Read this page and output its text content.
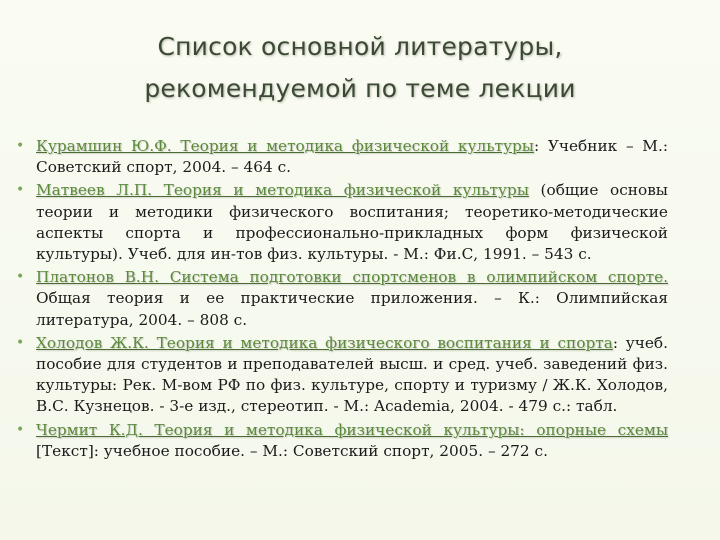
Список основной литературы,
рекомендуемой по теме лекции
• Курамшин Ю.Ф. Теория и методика физической культуры: Учебник – М.: Советский спорт, 2004. – 464 с.
• Матвеев Л.П. Теория и методика физической культуры (общие основы теории и методики физического воспитания; теоретико-методические аспекты спорта и профессионально-прикладных форм физической культуры). Учеб. для ин-тов физ. культуры. - М.: Фи.С, 1991. – 543 с.
• Платонов В.Н. Система подготовки спортсменов в олимпийском спорте. Общая теория и ее практические приложения. – К.: Олимпийская литература, 2004. – 808 с.
• Холодов Ж.К. Теория и методика физического воспитания и спорта: учеб. пособие для студентов и преподавателей высш. и сред. учеб. заведений физ. культуры: Рек. М-вом РФ по физ. культуре, спорту и туризму / Ж.К. Холодов, В.С. Кузнецов. - 3-е изд., стереотип. - М.: Academia, 2004. - 479 с.: табл.
• Чермит К.Д. Теория и методика физической культуры: опорные схемы [Текст]: учебное пособие. – М.: Советский спорт, 2005. – 272 с.
